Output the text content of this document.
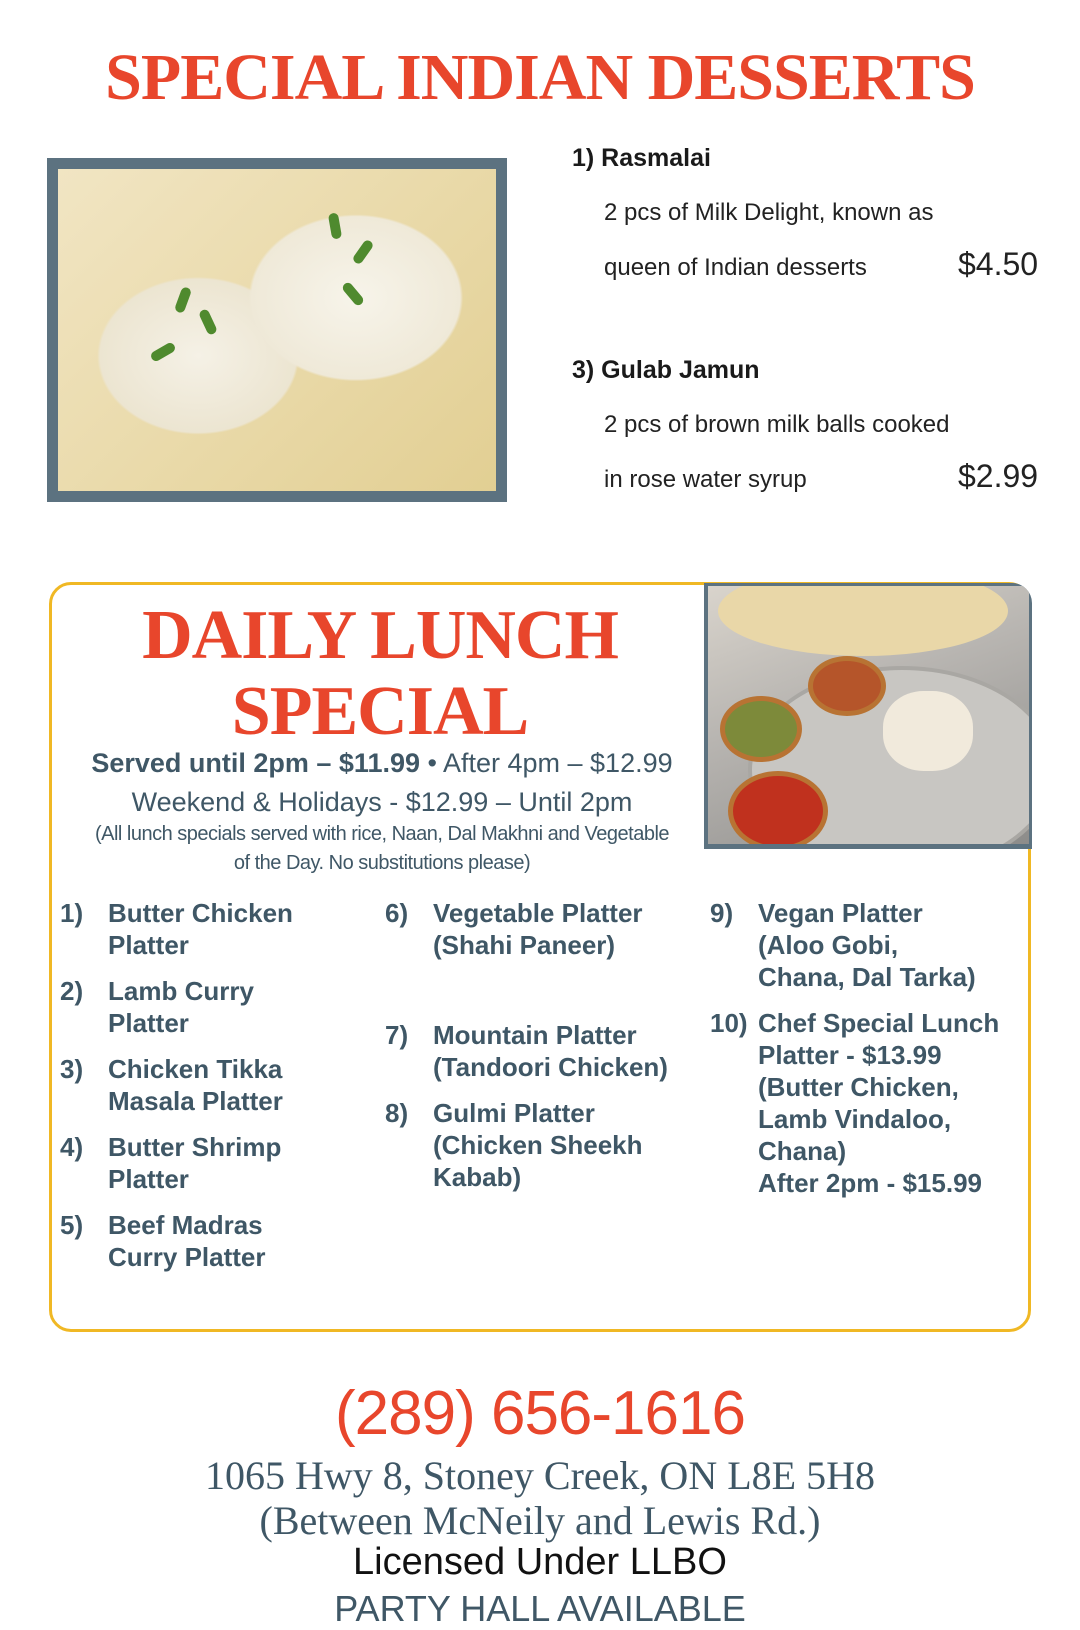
SPECIAL INDIAN DESSERTS
1) Rasmalai
2 pcs of Milk Delight, known as
queen of Indian desserts	$4.50
3) Gulab Jamun
2 pcs of brown milk balls cooked
in rose water syrup	$2.99
DAILY LUNCH
SPECIAL
Served until 2pm – $11.99 • After 4pm – $12.99
Weekend & Holidays - $12.99 – Until 2pm
(All lunch specials served with rice, Naan, Dal Makhni and Vegetable
of the Day. No substitutions please)
1) Butter Chicken
Platter
2) Lamb Curry
Platter
3) Chicken Tikka
Masala Platter
4) Butter Shrimp
Platter
5) Beef Madras
Curry Platter
6) Vegetable Platter
(Shahi Paneer)
7) Mountain Platter
(Tandoori Chicken)
8) Gulmi Platter
(Chicken Sheekh
Kabab)
9) Vegan Platter
(Aloo Gobi,
Chana, Dal Tarka)
10) Chef Special Lunch
Platter - $13.99
(Butter Chicken,
Lamb Vindaloo,
Chana)
After 2pm - $15.99
(289) 656-1616
1065 Hwy 8, Stoney Creek, ON L8E 5H8
(Between McNeily and Lewis Rd.)
Licensed Under LLBO
PARTY HALL AVAILABLE
